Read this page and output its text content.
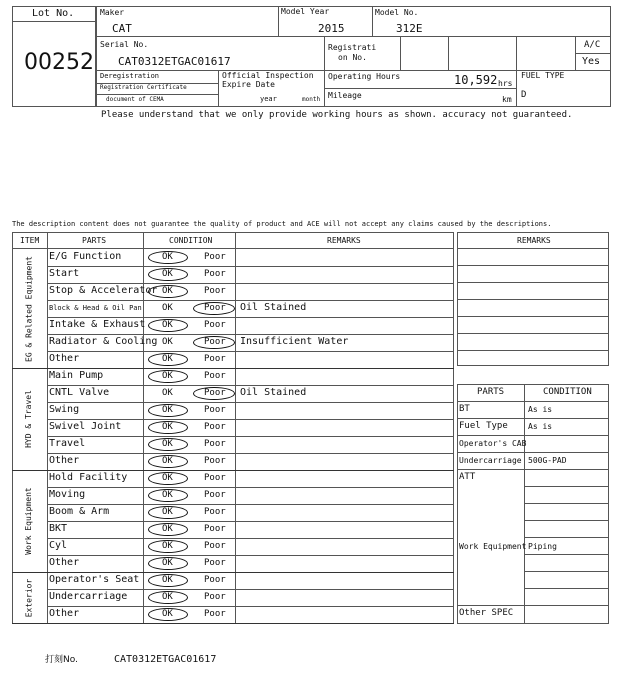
Lot No.
00252
Maker
CAT
Model Year
2015
Model No.
312E
Serial No.
CAT0312ETGAC01617
Registrati
on No.
A/C
Yes
Deregistration
Registration Certificate
document of CEMA
Official Inspection
Expire Date
year	month
Operating Hours	10,592 hrs
Mileage	km
FUEL TYPE
D
Please understand that we only provide working hours as shown. accuracy not guaranteed.
The description content does not guarantee the quality of product and ACE will not accept any claims caused by the descriptions.
ITEM	PARTS	CONDITION	REMARKS
E/G Function	OK	Poor
Start	OK	Poor
Stop & Accelerator OK	Poor
Block & Head & Oil Pan OK	Poor Oil Stained
Intake & Exhaust OK	Poor
Radiator & Cooling OK	Poor Insufficient Water
Other	OK	Poor
EG & Related Equipment
Main Pump	OK	Poor
CNTL Valve	OK	Poor Oil Stained
Swing	OK	Poor
Swivel Joint	OK	Poor
Travel	OK	Poor
Other	OK	Poor
HYD & Travel
Hold Facility	OK	Poor
Moving	OK	Poor
Boom & Arm	OK	Poor
BKT	OK	Poor
Cyl	OK	Poor
Other	OK	Poor
Work Equipment
Operator's Seat	OK	Poor
Undercarriage	OK	Poor
Other	OK	Poor
Exterior
REMARKS
PARTS	CONDITION
BT	As is
Fuel Type	As is
Operator's CAB
Undercarriage 500G-PAD
ATT
Work Equipment Piping
Other SPEC
打刻No.	CAT0312ETGAC01617
